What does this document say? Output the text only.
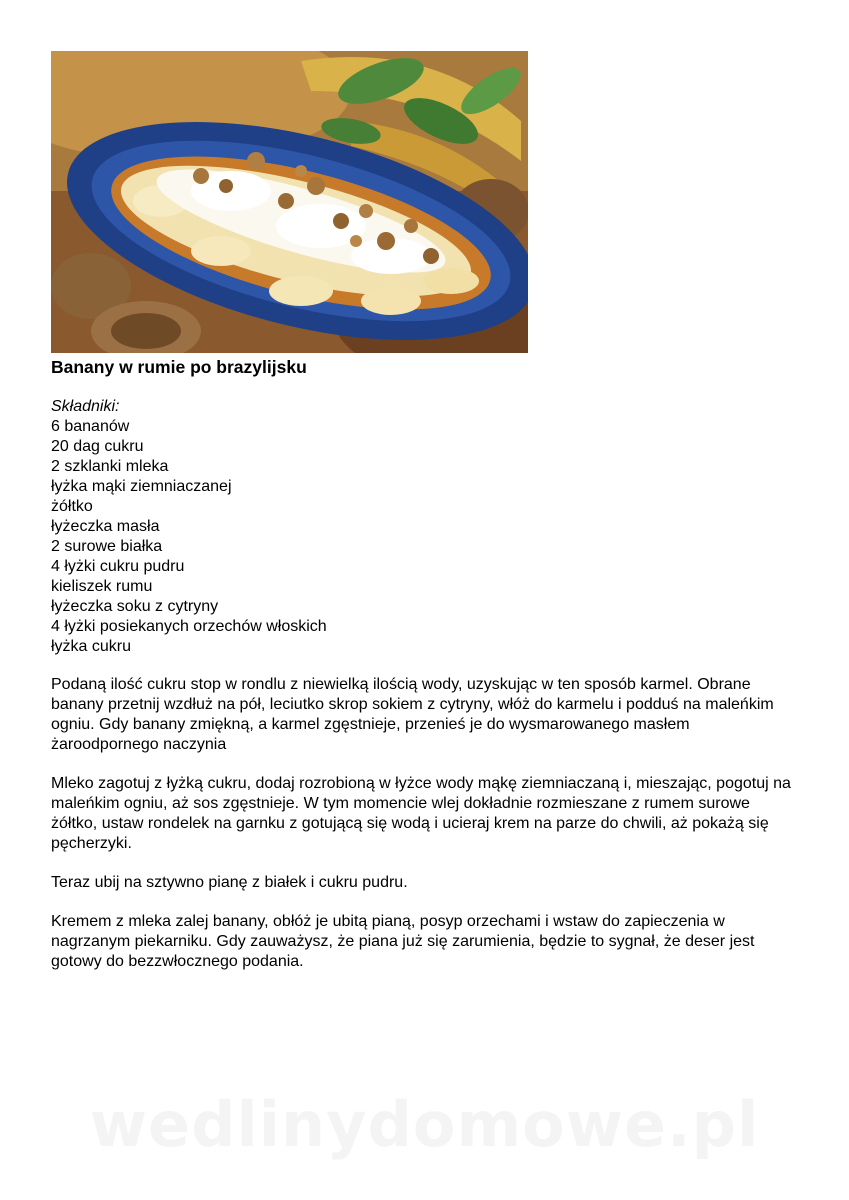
Banany w rumie po brazylijsku
Składniki:
6 bananów
20 dag cukru
2 szklanki mleka
łyżka mąki ziemniaczanej
żółtko
łyżeczka masła
2 surowe białka
4 łyżki cukru pudru
kieliszek rumu
łyżeczka soku z cytryny
4 łyżki posiekanych orzechów włoskich
łyżka cukru

Podaną ilość cukru stop w rondlu z niewielką ilością wody, uzyskując w ten sposób karmel. Obrane banany przetnij wzdłuż na pół, leciutko skrop sokiem z cytryny, włóż do karmelu i podduś na maleńkim ogniu. Gdy banany zmiękną, a karmel zgęstnieje, przenieś je do wysmarowanego masłem żaroodpornego naczynia

Mleko zagotuj z łyżką cukru, dodaj rozrobioną w łyżce wody mąkę ziemniaczaną i, mieszając, pogotuj na maleńkim ogniu, aż sos zgęstnieje. W tym momencie wlej dokładnie rozmieszane z rumem surowe żółtko, ustaw rondelek na garnku z gotującą się wodą i ucieraj krem na parze do chwili, aż pokażą się pęcherzyki.

Teraz ubij na sztywno pianę z białek i cukru pudru.

Kremem z mleka zalej banany, obłóż je ubitą pianą, posyp orzechami i wstaw do zapieczenia w nagrzanym piekarniku. Gdy zauważysz, że piana już się zarumienia, będzie to sygnał, że deser jest gotowy do bezzwłocznego podania.

wedlinydomowe.pl
